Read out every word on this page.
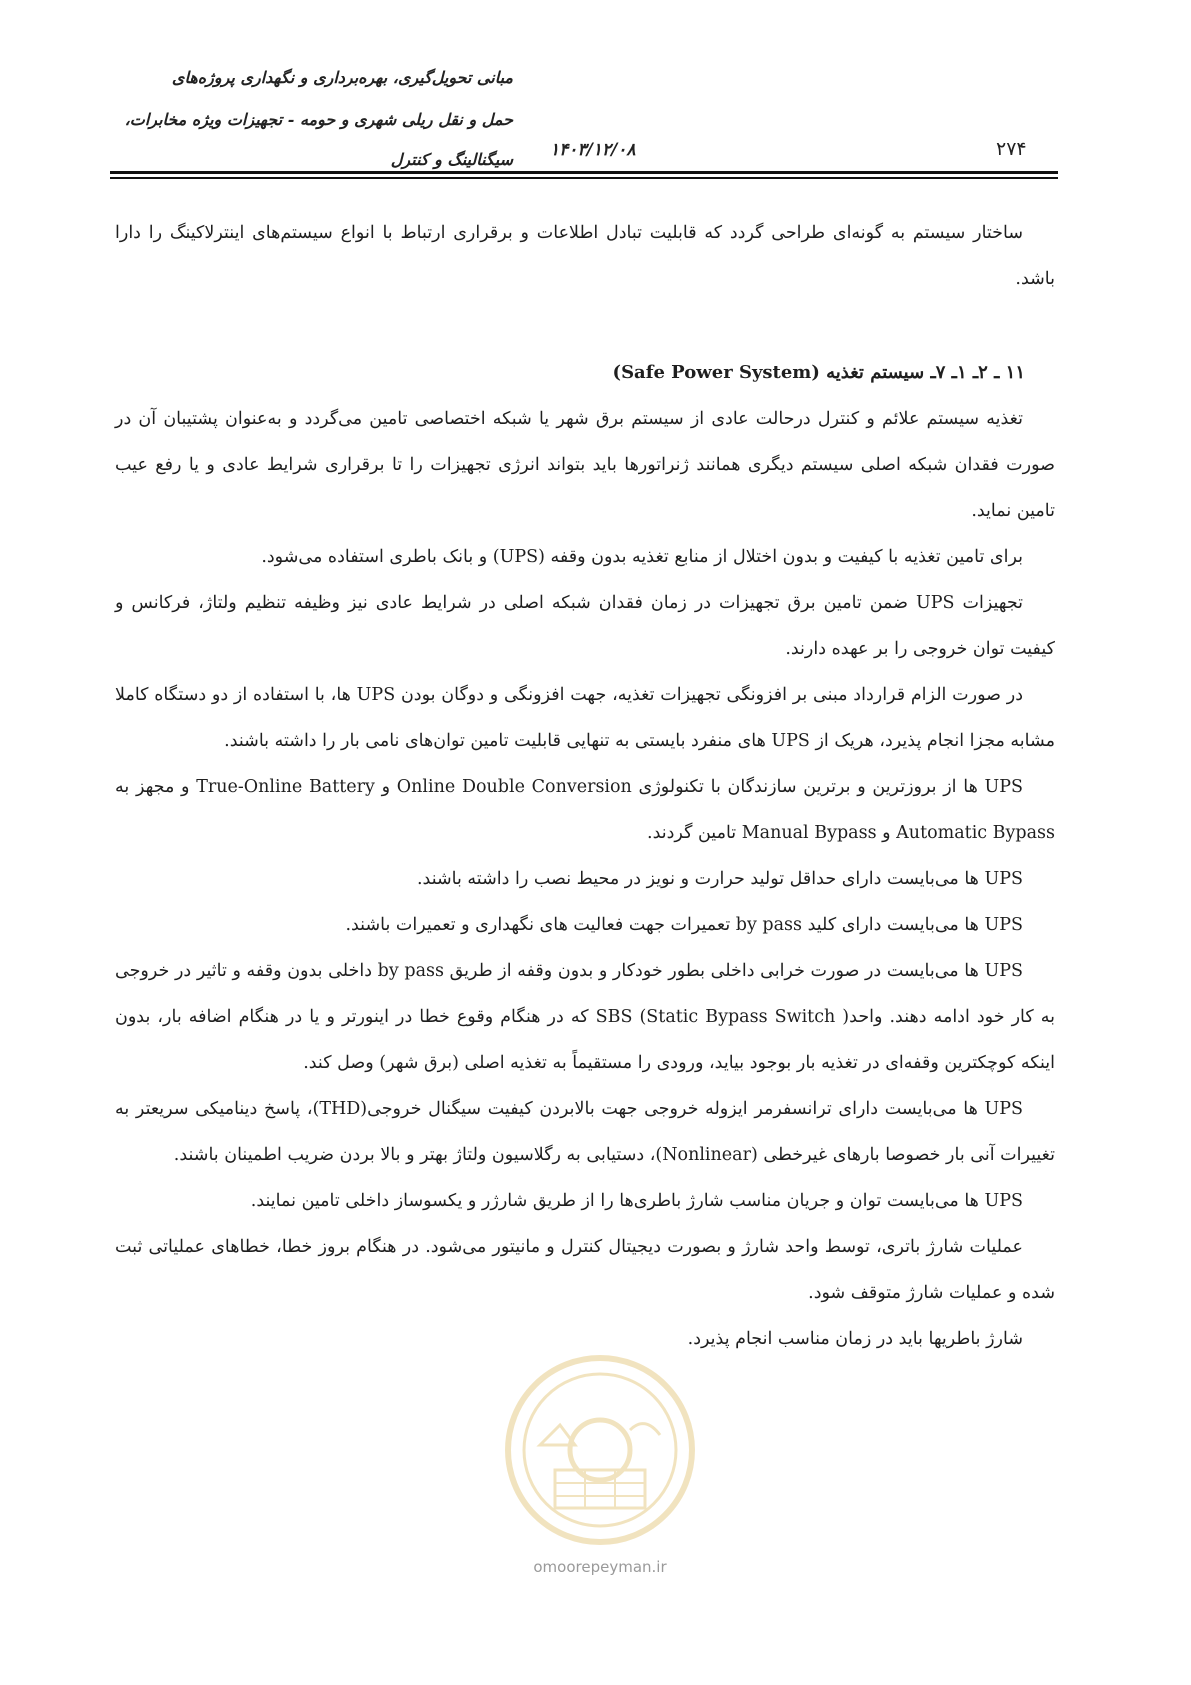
مبانی تحویل‌گیری، بهره‌برداری و نگهداری پروژه‌های
حمل و نقل ریلی شهری و حومه - تجهیزات ویژه مخابرات،
سیگنالینگ و کنترل ۱۴۰۳/۱۲/۰۸	۲۷۴

ساختار سیستم به گونه‌ای طراحی گردد که قابلیت تبادل اطلاعات و برقراری ارتباط با انواع سیستم‌های اینترلاکینگ را دارا باشد.

۱۱ ـ ۲ـ ۱ـ ۷ـ سیستم تغذیه (Safe Power System)

تغذیه سیستم علائم و کنترل درحالت عادی از سیستم برق شهر یا شبکه اختصاصی تامین می‌گردد و به‌عنوان پشتیبان آن در صورت فقدان شبکه اصلی سیستم دیگری همانند ژنراتورها باید بتواند انرژی تجهیزات را تا برقراری شرایط عادی و یا رفع عیب تامین نماید.

برای تامین تغذیه با کیفیت و بدون اختلال از منابع تغذیه بدون وقفه (UPS) و بانک باطری استفاده می‌شود.

تجهیزات UPS ضمن تامین برق تجهیزات در زمان فقدان شبکه اصلی در شرایط عادی نیز وظیفه تنظیم ولتاژ، فرکانس و کیفیت توان خروجی را بر عهده دارند.

در صورت الزام قرارداد مبنی بر افزونگی تجهیزات تغذیه، جهت افزونگی و دوگان بودن UPS ها، با استفاده از دو دستگاه کاملا مشابه مجزا انجام پذیرد، هریک از UPS های منفرد بایستی به تنهایی قابلیت تامین توان‌های نامی بار را داشته باشند.

UPS ها از بروزترین و برترین سازندگان با تکنولوژی Online Double Conversion و True-Online Battery و مجهز به Automatic Bypass و Manual Bypass تامین گردند.

UPS ها می‌بایست دارای حداقل تولید حرارت و نویز در محیط نصب را داشته باشند.

UPS ها می‌بایست دارای کلید by pass تعمیرات جهت فعالیت های نگهداری و تعمیرات باشند.

UPS ها می‌بایست در صورت خرابی داخلی بطور خودکار و بدون وقفه از طریق by pass داخلی بدون وقفه و تاثیر در خروجی به کار خود ادامه دهند. واحد( SBS (Static Bypass Switch که در هنگام وقوع خطا در اینورتر و یا در هنگام اضافه بار، بدون اینکه کوچکترین وقفه‌ای در تغذیه بار بوجود بیاید، ورودی را مستقیماً به تغذیه اصلی (برق شهر) وصل کند.

UPS ها می‌بایست دارای ترانسفرمر ایزوله خروجی جهت بالابردن کیفیت سیگنال خروجی(THD)، پاسخ دینامیکی سریعتر به تغییرات آنی بار خصوصا بارهای غیرخطی (Nonlinear)، دستیابی به رگلاسیون ولتاژ بهتر و بالا بردن ضریب اطمینان باشند.

UPS ها می‌بایست توان و جریان مناسب شارژ باطری‌ها را از طریق شارژر و یکسوساز داخلی تامین نمایند.

عملیات شارژ باتری، توسط واحد شارژ و بصورت دیجیتال کنترل و مانیتور می‌شود. در هنگام بروز خطا، خطاهای عملیاتی ثبت شده و عملیات شارژ متوقف شود.

شارژ باطریها باید در زمان مناسب انجام پذیرد.

omoorepeyman.ir
